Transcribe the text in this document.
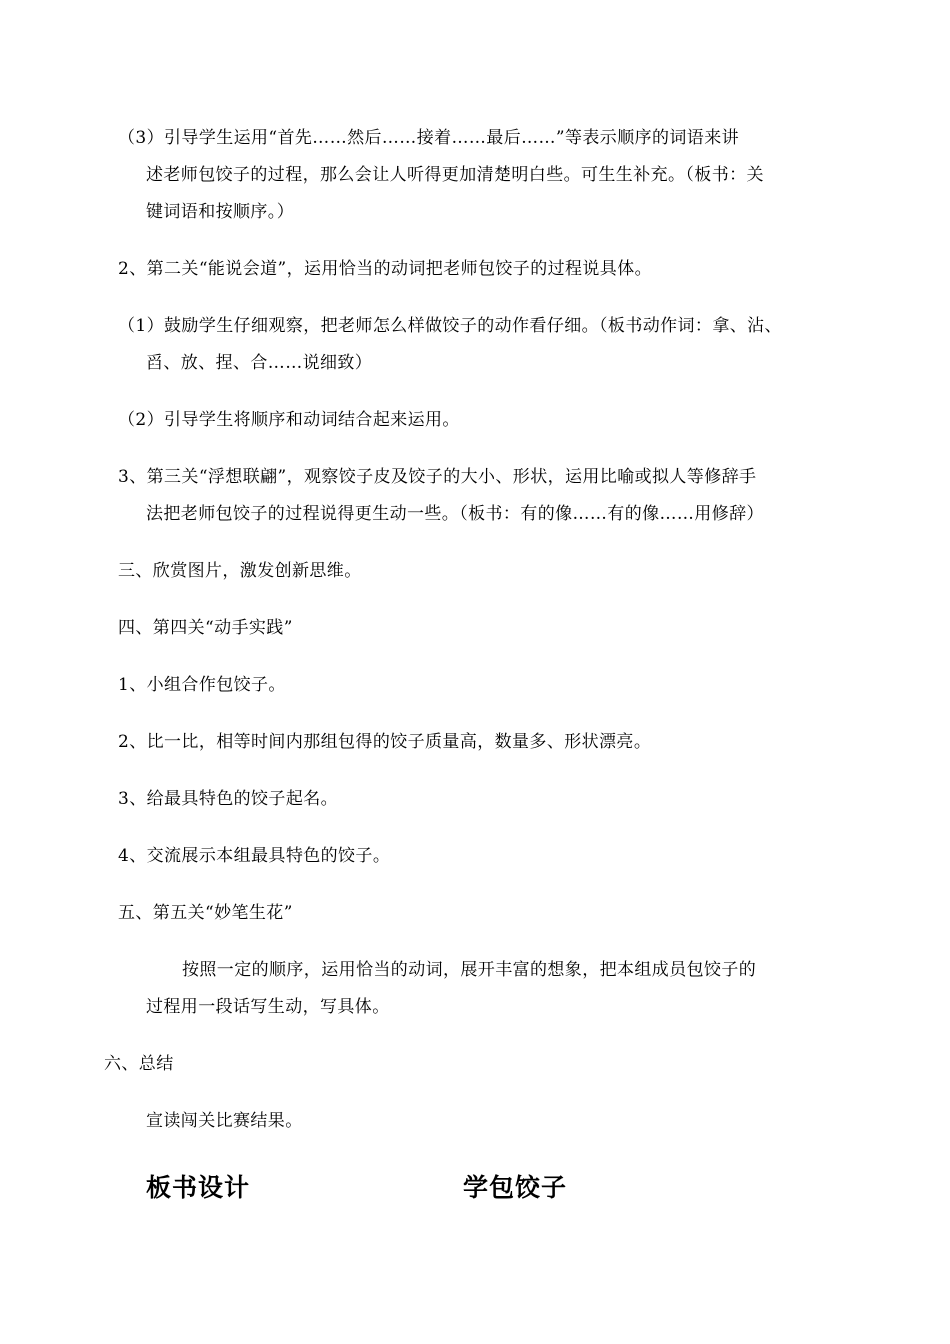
（3）引导学生运用“首先……然后……接着……最后……”等表示顺序的词语来讲
述老师包饺子的过程，那么会让人听得更加清楚明白些。可生生补充。（板书：关
键词语和按顺序。）
2、第二关“能说会道”，运用恰当的动词把老师包饺子的过程说具体。
（1）鼓励学生仔细观察，把老师怎么样做饺子的动作看仔细。（板书动作词：拿、沾、
舀、放、捏、合……说细致）
（2）引导学生将顺序和动词结合起来运用。
3、第三关“浮想联翩”，观察饺子皮及饺子的大小、形状，运用比喻或拟人等修辞手
法把老师包饺子的过程说得更生动一些。（板书：有的像……有的像……用修辞）
三、欣赏图片，激发创新思维。
四、第四关“动手实践”
1、小组合作包饺子。
2、比一比，相等时间内那组包得的饺子质量高，数量多、形状漂亮。
3、给最具特色的饺子起名。
4、交流展示本组最具特色的饺子。
五、第五关“妙笔生花”
按照一定的顺序，运用恰当的动词，展开丰富的想象，把本组成员包饺子的
过程用一段话写生动，写具体。
六、总结
宣读闯关比赛结果。
板书设计	学包饺子
